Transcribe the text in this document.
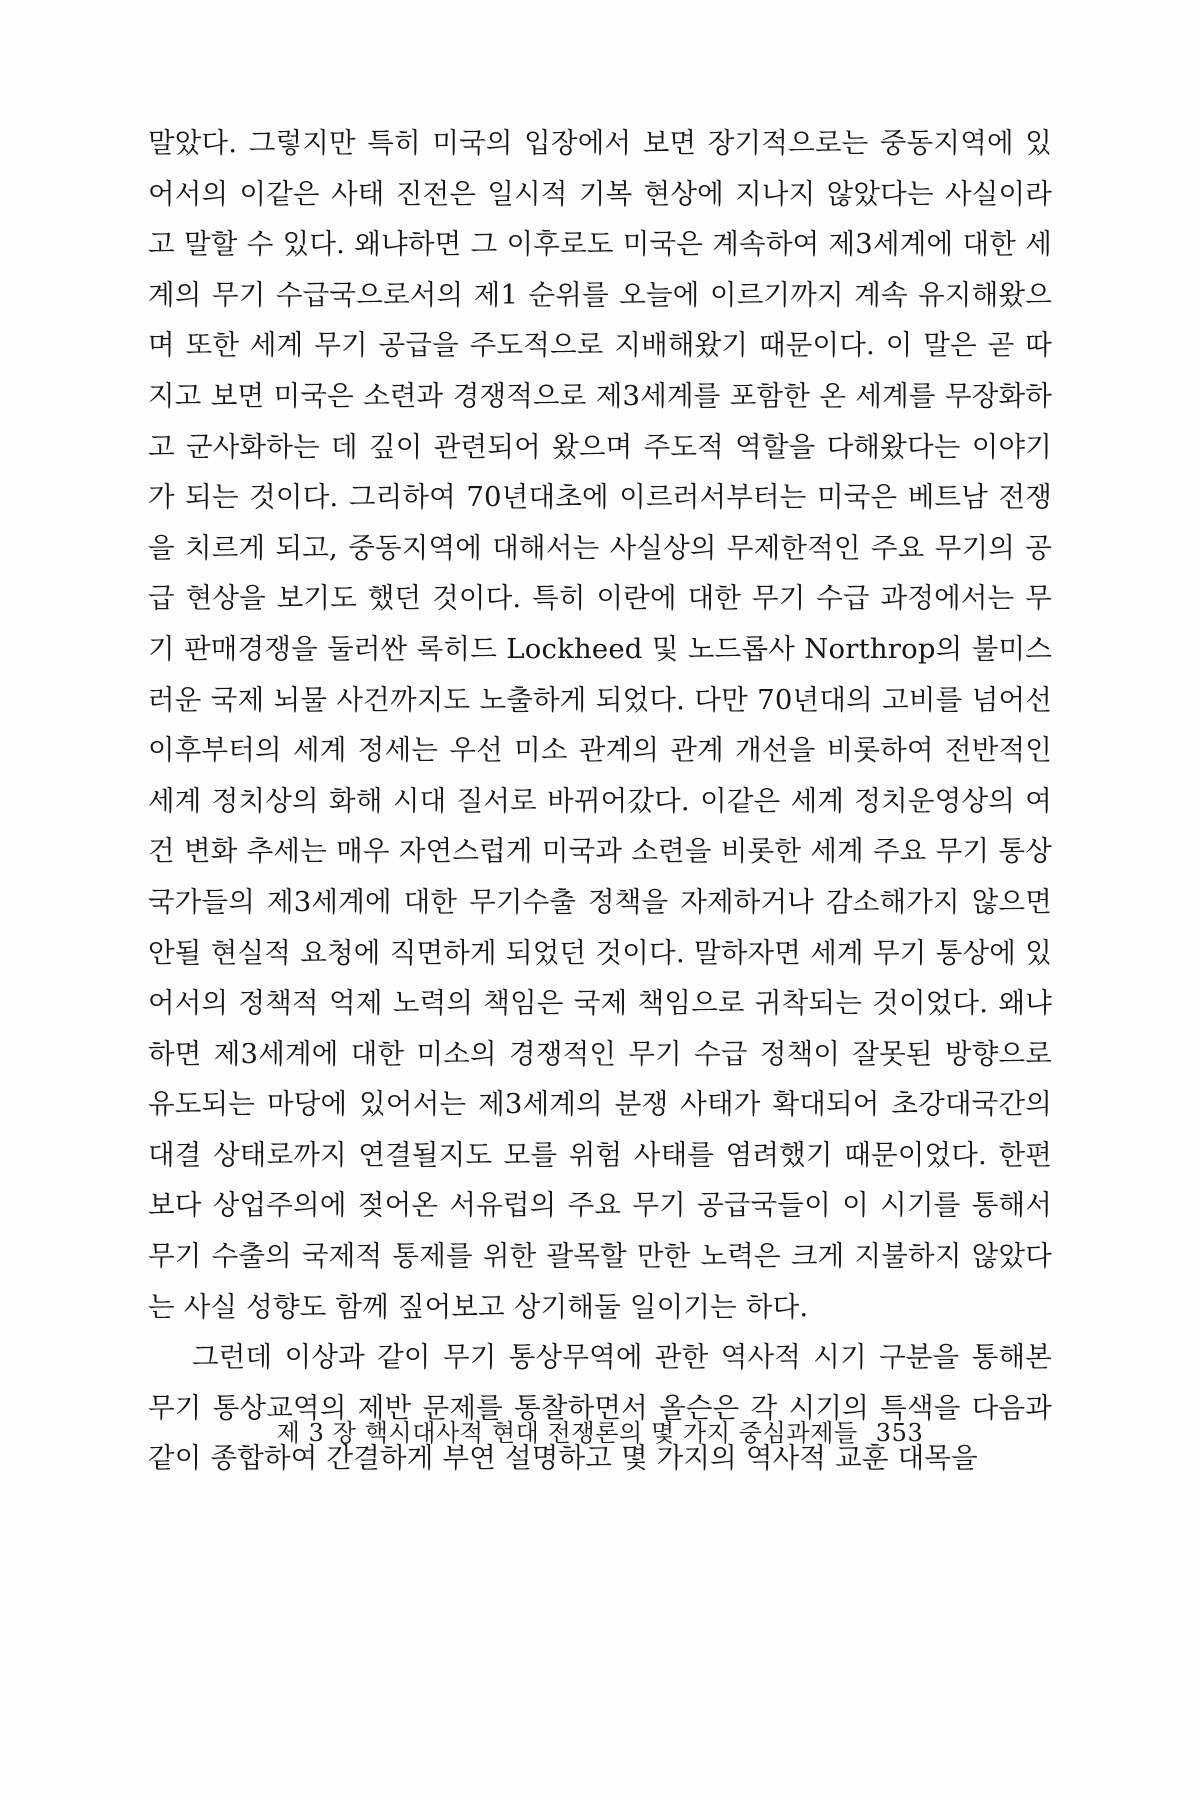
말았다. 그렇지만 특히 미국의 입장에서 보면 장기적으로는 중동지역에 있어서의 이같은 사태 진전은 일시적 기복 현상에 지나지 않았다는 사실이라고 말할 수 있다. 왜냐하면 그 이후로도 미국은 계속하여 제3세계에 대한 세계의 무기 수급국으로서의 제1 순위를 오늘에 이르기까지 계속 유지해왔으며 또한 세계 무기 공급을 주도적으로 지배해왔기 때문이다. 이 말은 곧 따지고 보면 미국은 소련과 경쟁적으로 제3세계를 포함한 온 세계를 무장화하고 군사화하는 데 깊이 관련되어 왔으며 주도적 역할을 다해왔다는 이야기가 되는 것이다. 그리하여 70년대초에 이르러서부터는 미국은 베트남 전쟁을 치르게 되고, 중동지역에 대해서는 사실상의 무제한적인 주요 무기의 공급 현상을 보기도 했던 것이다. 특히 이란에 대한 무기 수급 과정에서는 무기 판매경쟁을 둘러싼 록히드 Lockheed 및 노드롭사 Northrop의 불미스러운 국제 뇌물 사건까지도 노출하게 되었다. 다만 70년대의 고비를 넘어선 이후부터의 세계 정세는 우선 미소 관계의 관계 개선을 비롯하여 전반적인 세계 정치상의 화해 시대 질서로 바뀌어갔다. 이같은 세계 정치운영상의 여건 변화 추세는 매우 자연스럽게 미국과 소련을 비롯한 세계 주요 무기 통상 국가들의 제3세계에 대한 무기수출 정책을 자제하거나 감소해가지 않으면 안될 현실적 요청에 직면하게 되었던 것이다. 말하자면 세계 무기 통상에 있어서의 정책적 억제 노력의 책임은 국제 책임으로 귀착되는 것이었다. 왜냐하면 제3세계에 대한 미소의 경쟁적인 무기 수급 정책이 잘못된 방향으로 유도되는 마당에 있어서는 제3세계의 분쟁 사태가 확대되어 초강대국간의 대결 상태로까지 연결될지도 모를 위험 사태를 염려했기 때문이었다. 한편 보다 상업주의에 젖어온 서유럽의 주요 무기 공급국들이 이 시기를 통해서 무기 수출의 국제적 통제를 위한 괄목할 만한 노력은 크게 지불하지 않았다는 사실 성향도 함께 짚어보고 상기해둘 일이기는 하다.

그런데 이상과 같이 무기 통상무역에 관한 역사적 시기 구분을 통해본 무기 통상교역의 제반 문제를 통찰하면서 올슨은 각 시기의 특색을 다음과 같이 종합하여 간결하게 부연 설명하고 몇 가지의 역사적 교훈 대목을

제 3 장 핵시대사적 현대 전쟁론의 몇 가지 중심과제들 353
